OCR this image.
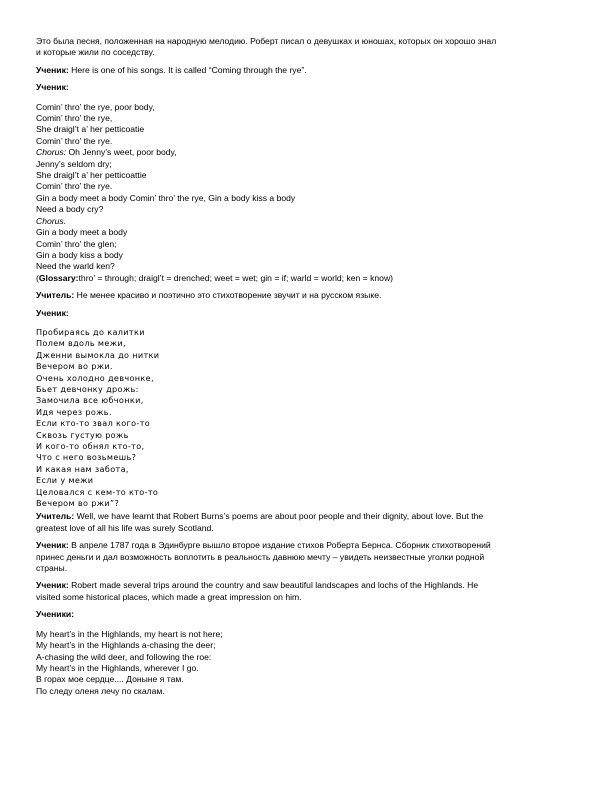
Это была песня, положенная на народную мелодию. Роберт писал о девушках и юношах, которых он хорошо знал
и которые жили по соседству.
Ученик: Here is one of his songs. It is called “Coming through the rye”.
Ученик:
Comin’ thro’ the rye, poor body,
Comin’ thro’ the rye,
She draigl’t a’ her petticoatie
Comin’ thro’ the rye.
Chorus: Oh Jenny’s weet, poor body,
Jenny’s seldom dry;
She draigl’t a’ her petticoattie
Comin’ thro’ the rye.
Gin a body meet a body Comin’ thro’ the rye, Gin a body kiss a body
Need a body cry?
Chorus.
Gin a body meet a body
Comin’ thro’ the glen;
Gin a body kiss a body
Need the warld ken?
(Glossary:thro’ = through; draigl’t = drenched; weet = wet; gin = if; warld = world; ken = know)
Учитель: Не менее красиво и поэтично это стихотворение звучит и на русском языке.
Ученик:
Пробираясь до калитки
Полем вдоль межи,
Дженни вымокла до нитки
Вечером во ржи.
Очень холодно девчонке,
Бьет девчонку дрожь:
Замочила все юбчонки,
Идя через рожь.
Если кто-то звал кого-то
Сквозь густую рожь
И кого-то обнял кто-то,
Что с него возьмешь?
И какая нам забота,
Если у межи
Целовался с кем-то кто-то
Вечером во ржи”?
Учитель: Well, we have learnt that Robert Burns’s poems are about poor people and their dignity, about love. But the
greatest love of all his life was surely Scotland.
Ученик: В апреле 1787 года в Эдинбурге вышло второе издание стихов Роберта Бернса. Сборник стихотворений
принес деньги и дал возможность воплотить в реальность давнюю мечту – увидеть неизвестные уголки родной
страны.
Ученик: Robert made several trips around the country and saw beautiful landscapes and lochs of the Highlands. He
visited some historical places, which made a great impression on him.
Ученики:
My heart’s in the Highlands, my heart is not here;
My heart’s in the Highlands a-chasing the deer;
A-chasing the wild deer, and following the roe:
My heart’s in the Highlands, wherever I go.
В горах мое сердце.... Доныне я там.
По следу оленя лечу по скалам.
